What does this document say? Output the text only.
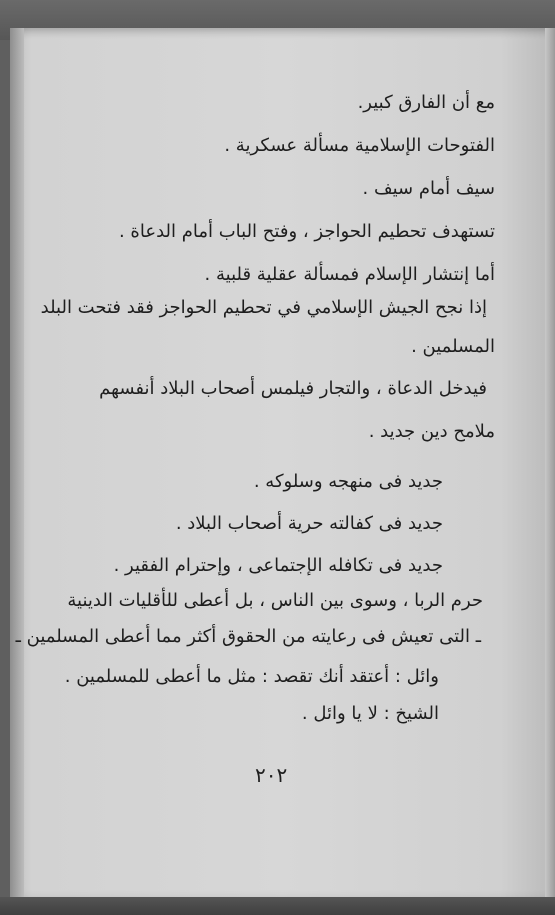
مع أن الفارق كبير.
الفتوحات الإسلامية مسألة عسكرية .
سيف أمام سيف .
تستهدف تحطيم الحواجز ، وفتح الباب أمام الدعاة .
أما إنتشار الإسلام فمسألة عقلية قلبية .
إذا نجح الجيش الإسلامي في تحطيم الحواجز فقد فتحت البلد
المسلمين .
فيدخل الدعاة ، والتجار فيلمس أصحاب البلاد أنفسهم
ملامح دين جديد .
جديد فى منهجه وسلوكه .
جديد فى كفالته حرية أصحاب البلاد .
جديد فى تكافله الإجتماعى ، وإحترام الفقير .
حرم الربا ، وسوى بين الناس ، بل أعطى للأقليات الدينية
ـ التى تعيش فى رعايته من الحقوق أكثر مما أعطى المسلمين ـ
وائل : أعتقد أنك تقصد : مثل ما أعطى للمسلمين .
الشيخ : لا يا وائل .
٢٠٢
